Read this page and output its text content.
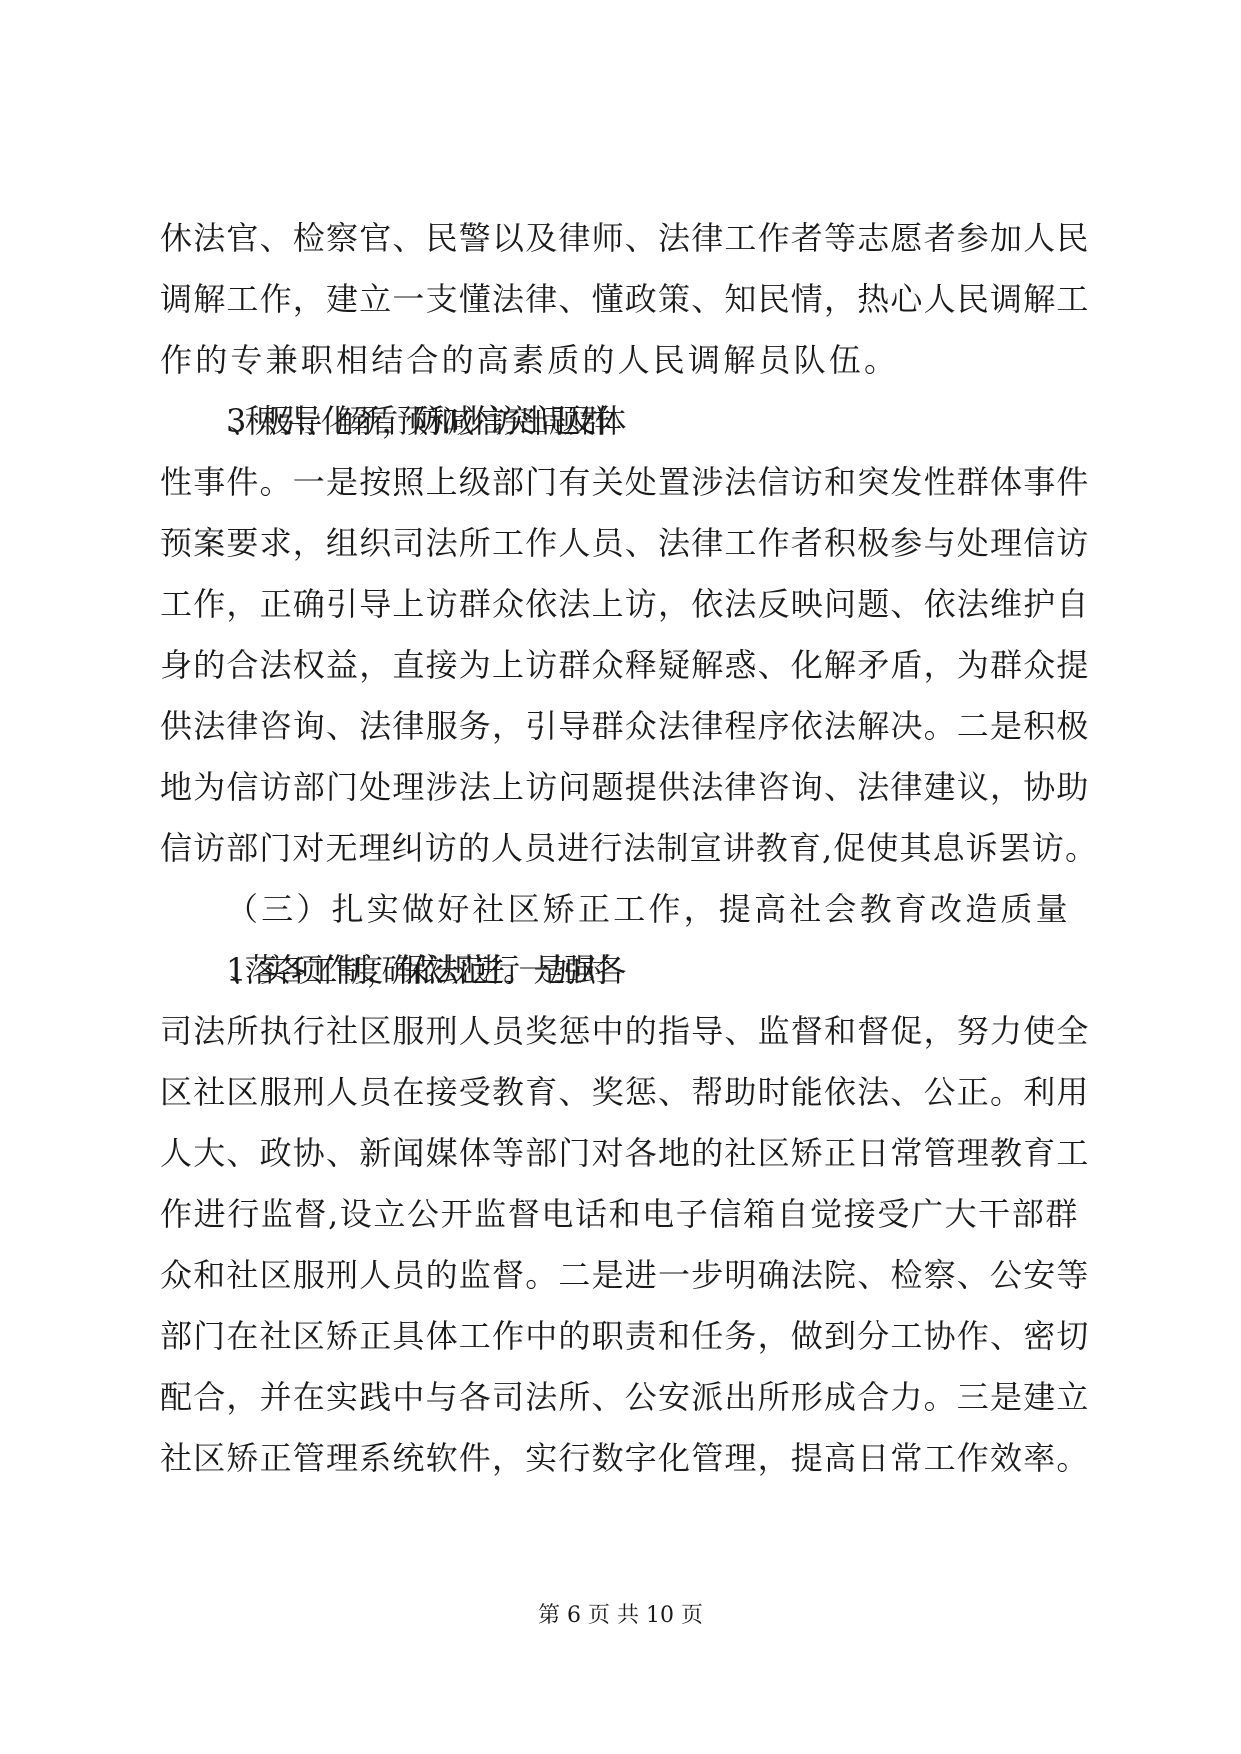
休法官、检察官、民警以及律师、法律工作者等志愿者参加人民
调解工作，建立一支懂法律、懂政策、知民情，热心人民调解工
作的专兼职相结合的高素质的人民调解员队伍。
3、积极引导、化解矛盾，预防和减少信访突出问题及群体
性事件。一是按照上级部门有关处置涉法信访和突发性群体事件
预案要求，组织司法所工作人员、法律工作者积极参与处理信访
工作，正确引导上访群众依法上访，依法反映问题、依法维护自
身的合法权益，直接为上访群众释疑解惑、化解矛盾，为群众提
供法律咨询、法律服务，引导群众法律程序依法解决。二是积极
地为信访部门处理涉法上访问题提供法律咨询、法律建议，协助
信访部门对无理纠访的人员进行法制宣讲教育,促使其息诉罢访。
（三）扎实做好社区矫正工作，提高社会教育改造质量
1、落实各项工作制度，确保依法规范进行。一是加强对各
司法所执行社区服刑人员奖惩中的指导、监督和督促，努力使全
区社区服刑人员在接受教育、奖惩、帮助时能依法、公正。利用
人大、政协、新闻媒体等部门对各地的社区矫正日常管理教育工
作进行监督,设立公开监督电话和电子信箱自觉接受广大干部群
众和社区服刑人员的监督。二是进一步明确法院、检察、公安等
部门在社区矫正具体工作中的职责和任务，做到分工协作、密切
配合，并在实践中与各司法所、公安派出所形成合力。三是建立
社区矫正管理系统软件，实行数字化管理，提高日常工作效率。
第 6 页 共 10 页
